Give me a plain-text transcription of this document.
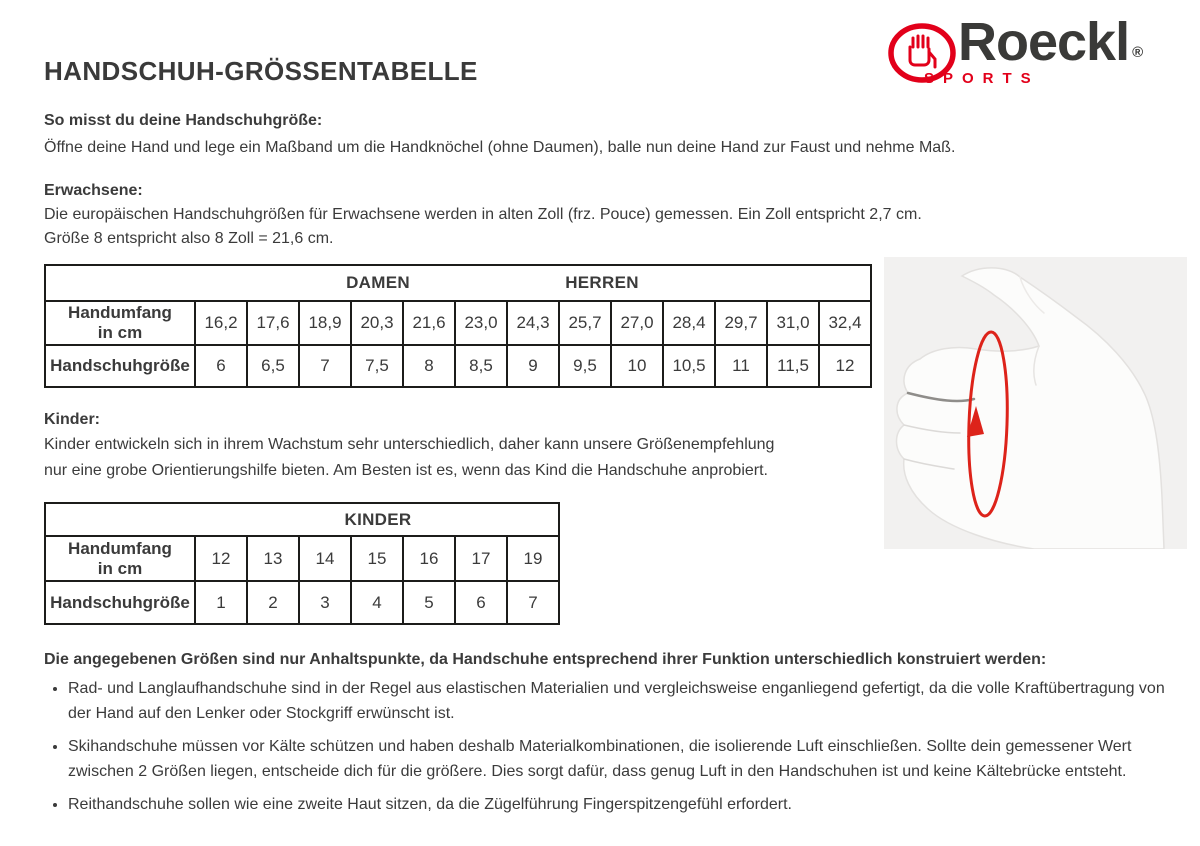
HANDSCHUH-GRÖSSENTABELLE	Roeckl ®
SPORTS
So misst du deine Handschuhgröße:
Öffne deine Hand und lege ein Maßband um die Handknöchel (ohne Daumen), balle nun deine Hand zur Faust und nehme Maß.
Erwachsene:
Die europäischen Handschuhgrößen für Erwachsene werden in alten Zoll (frz. Pouce) gemessen. Ein Zoll entspricht 2,7 cm.
Größe 8 entspricht also 8 Zoll = 21,6 cm.
DAMEN HERREN													

Handumfang
in cm	16,2	17,6	18,9	20,3	21,6	23,0	24,3	25,7	27,0	28,4	29,7	31,0	32,4
Handschuhgröße	6	6,5	7	7,5	8	8,5	9	9,5	10	10,5	11	11,5	12
Kinder:
Kinder entwickeln sich in ihrem Wachstum sehr unterschiedlich, daher kann unsere Größenempfehlung
nur eine grobe Orientierungshilfe bieten. Am Besten ist es, wenn das Kind die Handschuhe anprobiert.
KINDER							

Handumfang
in cm	12	13	14	15	16	17	19
Handschuhgröße	1	2	3	4	5	6	7
Die angegebenen Größen sind nur Anhaltspunkte, da Handschuhe entsprechend ihrer Funktion unterschiedlich konstruiert werden:
• Rad- und Langlaufhandschuhe sind in der Regel aus elastischen Materialien und vergleichsweise enganliegend gefertigt, da die volle Kraftübertragung von der Hand auf den Lenker oder Stockgriff erwünscht ist.
• Skihandschuhe müssen vor Kälte schützen und haben deshalb Materialkombinationen, die isolierende Luft einschließen. Sollte dein gemessener Wert zwischen 2 Größen liegen, entscheide dich für die größere. Dies sorgt dafür, dass genug Luft in den Handschuhen ist und keine Kältebrücke entsteht.
• Reithandschuhe sollen wie eine zweite Haut sitzen, da die Zügelführung Fingerspitzengefühl erfordert.
